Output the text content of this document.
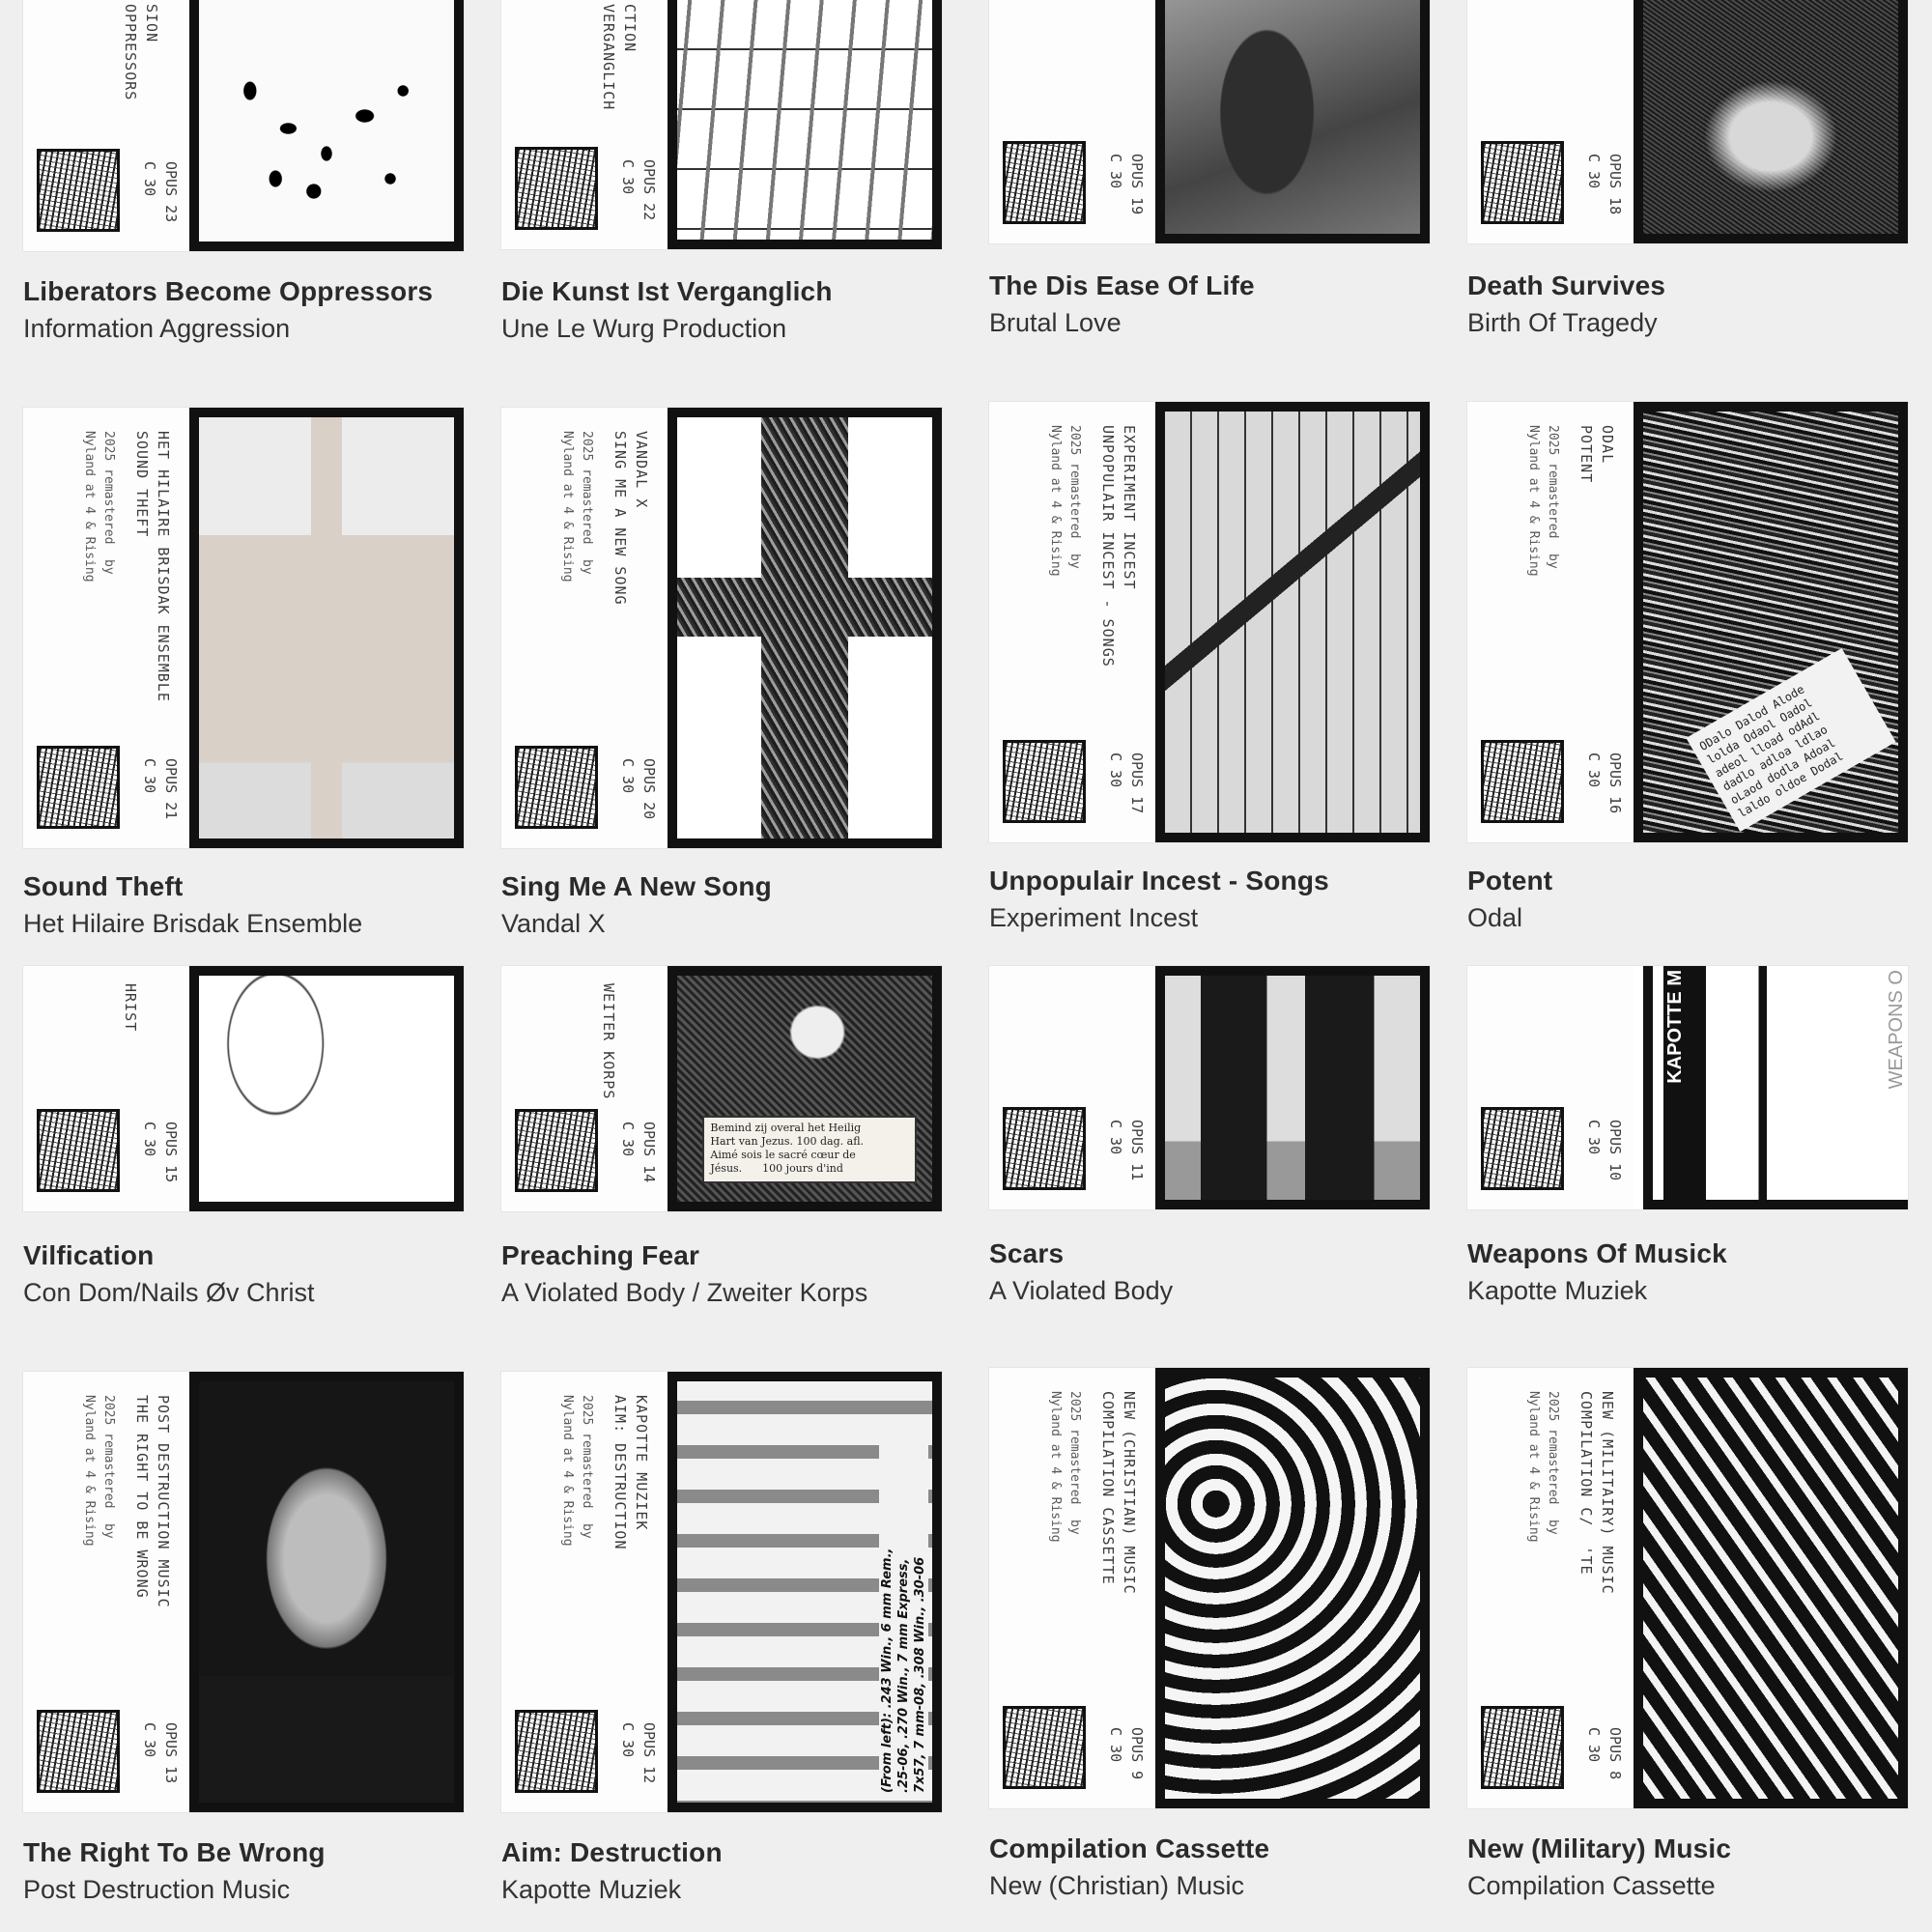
SION
OPPRESSORS
OPUS 23
C 30
Liberators Become Oppressors
Information Aggression
CTION
VERGANGLICH
OPUS 22
C 30
Die Kunst Ist Verganglich
Une Le Wurg Production
OPUS 19
C 30
The Dis Ease Of Life
Brutal Love
OPUS 18
C 30
Death Survives
Birth Of Tragedy
2025 remastered  by
Nyland at 4 & Rising
HET HILAIRE BRISDAK ENSEMBLE
SOUND THEFT
OPUS 21
C 30
Sound Theft
Het Hilaire Brisdak Ensemble
2025 remastered  by
Nyland at 4 & Rising
VANDAL X
SING ME A NEW SONG
OPUS 20
C 30
Sing Me A New Song
Vandal X
2025 remastered  by
Nyland at 4 & Rising
EXPERIMENT INCEST
UNPOPULAIR INCEST - SONGS
OPUS 17
C 30
Unpopulair Incest - Songs
Experiment Incest
2025 remastered  by
Nyland at 4 & Rising
ODAL
POTENT
OPUS 16
C 30
ODalo Dalod Alode
lolda Odaol Oadol
adeol lload odAdl
dadlo adloa ldlao
oLaod dodla Adoal
laldo oldoe Dodal
Potent
Odal
HRIST
OPUS 15
C 30
Vilfication
Con Dom/Nails Øv Christ
WEITER KORPS
OPUS 14
C 30
Bemind zij overal het Heilig
Hart van Jezus. 100 dag. afl.
Aimé sois le sacré cœur de
Jésus.      100 jours d'ind
Preaching Fear
A Violated Body / Zweiter Korps
OPUS 11
C 30
Scars
A Violated Body
OPUS 10
C 30
KAPOTTE M	WEAPONS O
Weapons Of Musick
Kapotte Muziek
2025 remastered  by
Nyland at 4 & Rising
POST DESTRUCTION MUSIC
THE RIGHT TO BE WRONG
OPUS 13
C 30
The Right To Be Wrong
Post Destruction Music
2025 remastered  by
Nyland at 4 & Rising
KAPOTTE MUZIEK
AIM: DESTRUCTION
OPUS 12
C 30
(From left): .243 Win., 6 mm Rem.,
.25-06, .270 Win., 7 mm Express,
7x57, 7 mm-08, .308 Win., .30-06
Aim: Destruction
Kapotte Muziek
2025 remastered  by
Nyland at 4 & Rising
NEW (CHRISTIAN) MUSIC
COMPILATION CASSETTE
OPUS 9
C 30
Compilation Cassette
New (Christian) Music
2025 remastered  by
Nyland at 4 & Rising
NEW (MILITAIRY) MUSIC
COMPILATION C/  'TE
OPUS 8
C 30
New (Military) Music
Compilation Cassette
